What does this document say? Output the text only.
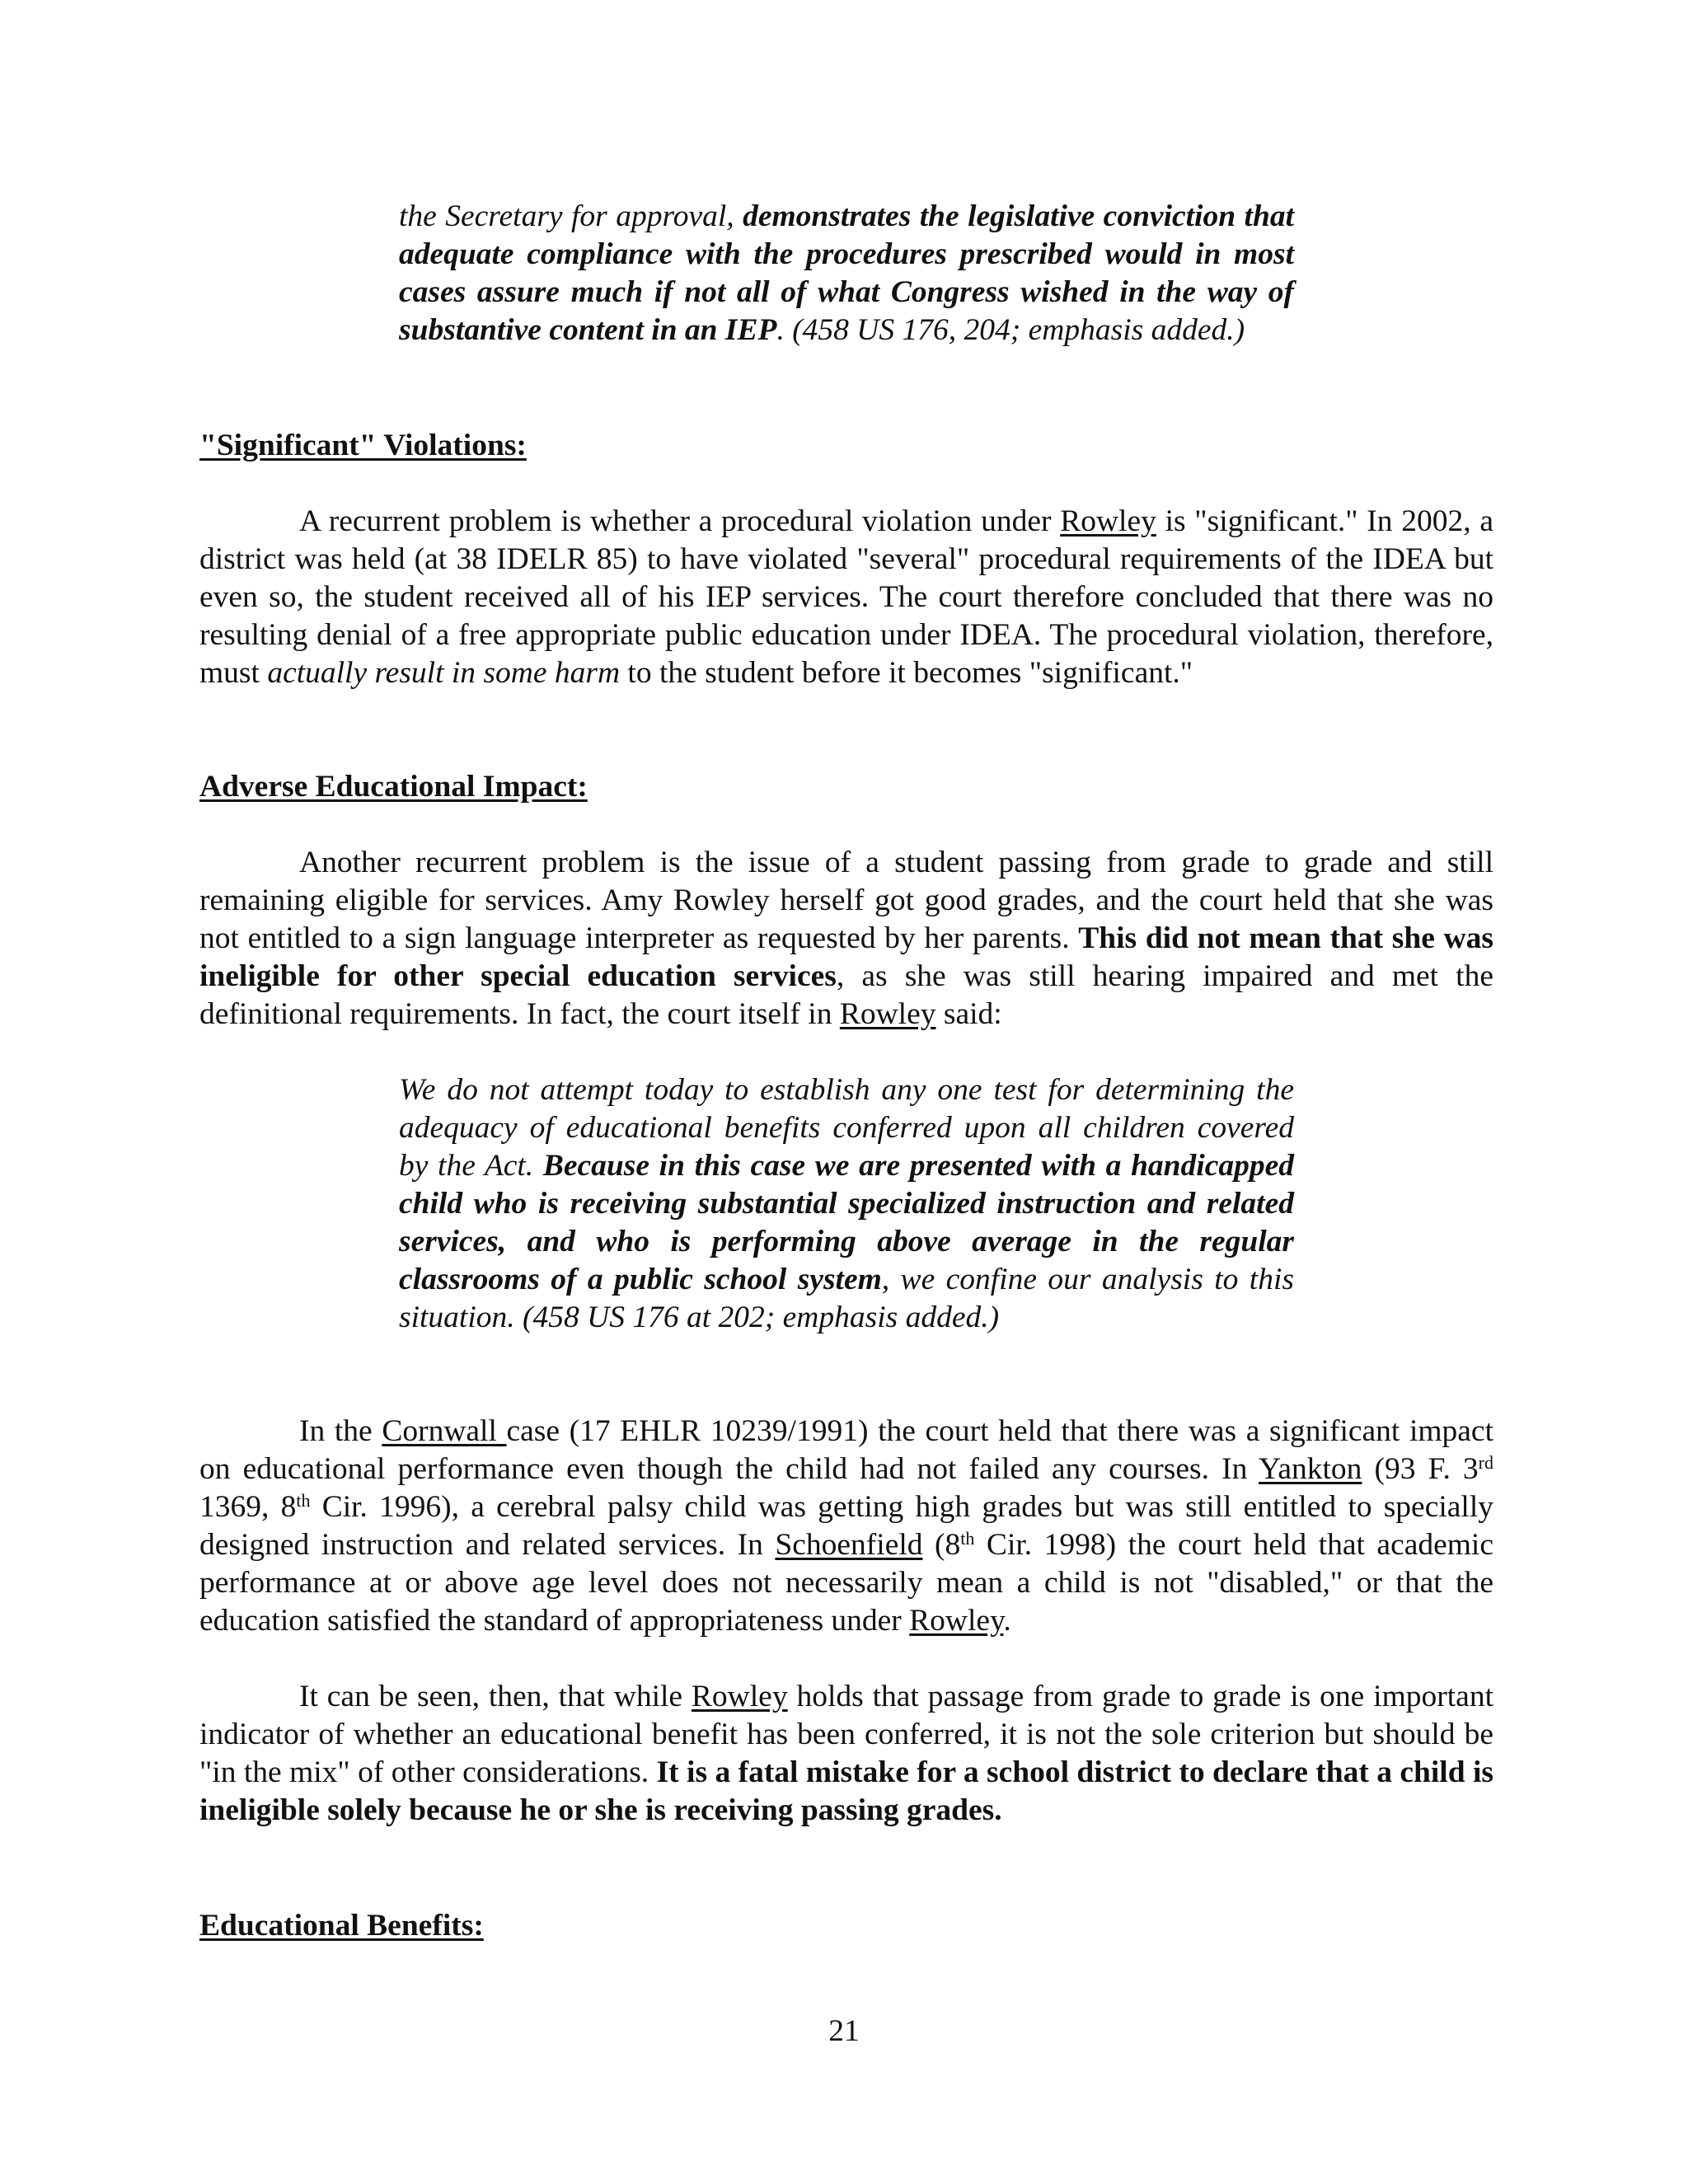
the Secretary for approval, demonstrates the legislative conviction that adequate compliance with the procedures prescribed would in most cases assure much if not all of what Congress wished in the way of substantive content in an IEP. (458 US 176, 204; emphasis added.)

"Significant" Violations:

A recurrent problem is whether a procedural violation under Rowley is "significant." In 2002, a district was held (at 38 IDELR 85) to have violated "several" procedural requirements of the IDEA but even so, the student received all of his IEP services. The court therefore concluded that there was no resulting denial of a free appropriate public education under IDEA. The procedural violation, therefore, must actually result in some harm to the student before it becomes "significant."

Adverse Educational Impact:

Another recurrent problem is the issue of a student passing from grade to grade and still remaining eligible for services. Amy Rowley herself got good grades, and the court held that she was not entitled to a sign language interpreter as requested by her parents. This did not mean that she was ineligible for other special education services, as she was still hearing impaired and met the definitional requirements. In fact, the court itself in Rowley said:

We do not attempt today to establish any one test for determining the adequacy of educational benefits conferred upon all children covered by the Act. Because in this case we are presented with a handicapped child who is receiving substantial specialized instruction and related services, and who is performing above average in the regular classrooms of a public school system, we confine our analysis to this situation. (458 US 176 at 202; emphasis added.)

In the Cornwall case (17 EHLR 10239/1991) the court held that there was a significant impact on educational performance even though the child had not failed any courses. In Yankton (93 F. 3rd 1369, 8th Cir. 1996), a cerebral palsy child was getting high grades but was still entitled to specially designed instruction and related services. In Schoenfield (8th Cir. 1998) the court held that academic performance at or above age level does not necessarily mean a child is not "disabled," or that the education satisfied the standard of appropriateness under Rowley.

It can be seen, then, that while Rowley holds that passage from grade to grade is one important indicator of whether an educational benefit has been conferred, it is not the sole criterion but should be "in the mix" of other considerations. It is a fatal mistake for a school district to declare that a child is ineligible solely because he or she is receiving passing grades.

Educational Benefits:
21
